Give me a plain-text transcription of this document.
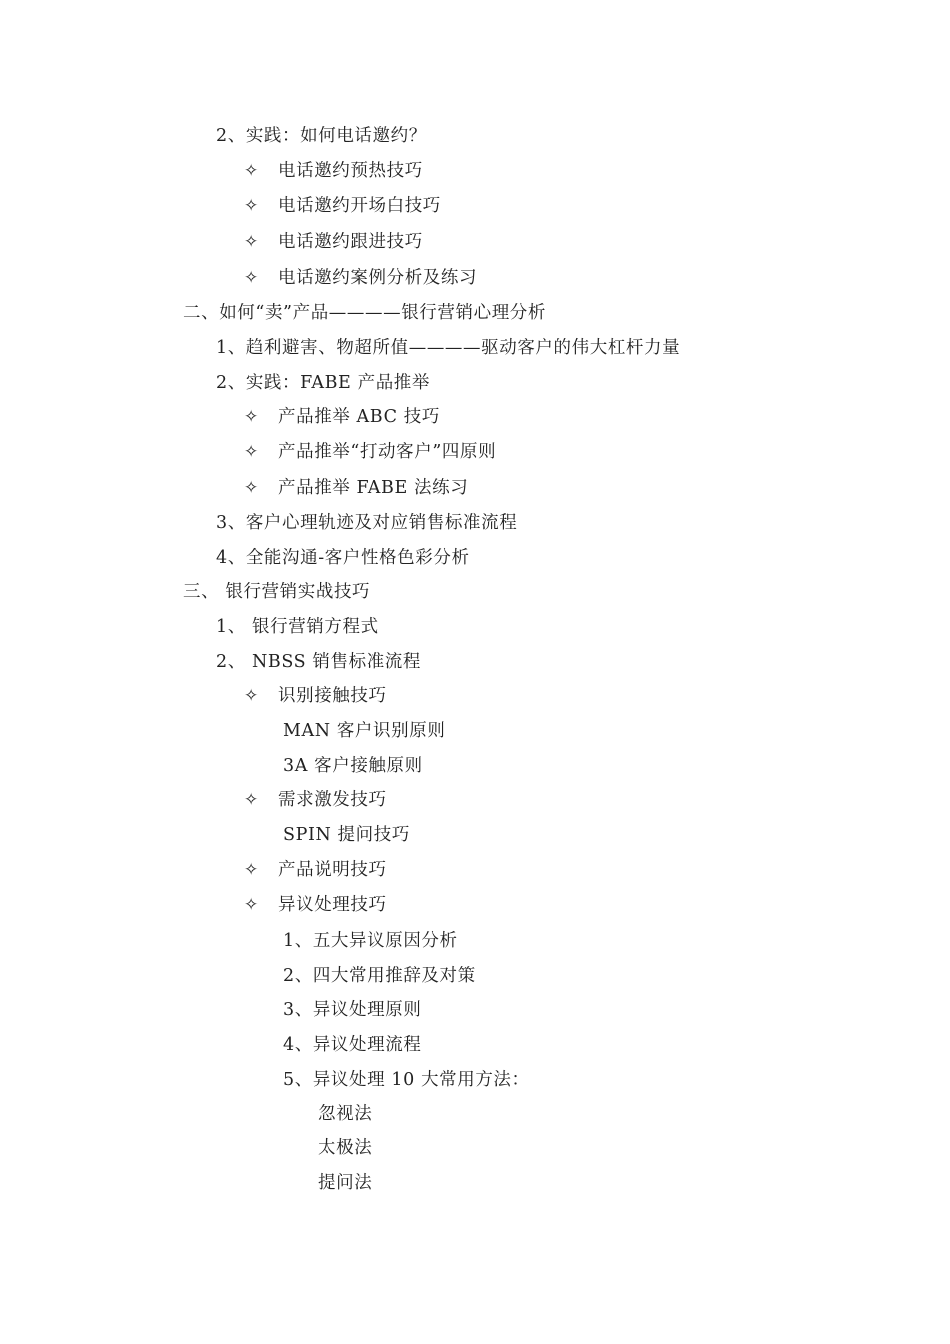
2、实践：如何电话邀约？
✧ 电话邀约预热技巧
✧ 电话邀约开场白技巧
✧ 电话邀约跟进技巧
✧ 电话邀约案例分析及练习
二、如何“卖”产品————银行营销心理分析
1、趋利避害、物超所值————驱动客户的伟大杠杆力量
2、实践：FABE 产品推举
✧ 产品推举 ABC 技巧
✧ 产品推举“打动客户”四原则
✧ 产品推举 FABE 法练习
3、客户心理轨迹及对应销售标准流程
4、全能沟通-客户性格色彩分析
三、 银行营销实战技巧
1、 银行营销方程式
2、 NBSS 销售标准流程
✧ 识别接触技巧
MAN 客户识别原则
3A 客户接触原则
✧ 需求激发技巧
SPIN 提问技巧
✧ 产品说明技巧
✧ 异议处理技巧
1、五大异议原因分析
2、四大常用推辞及对策
3、异议处理原则
4、异议处理流程
5、异议处理 10 大常用方法：
忽视法
太极法
提问法
